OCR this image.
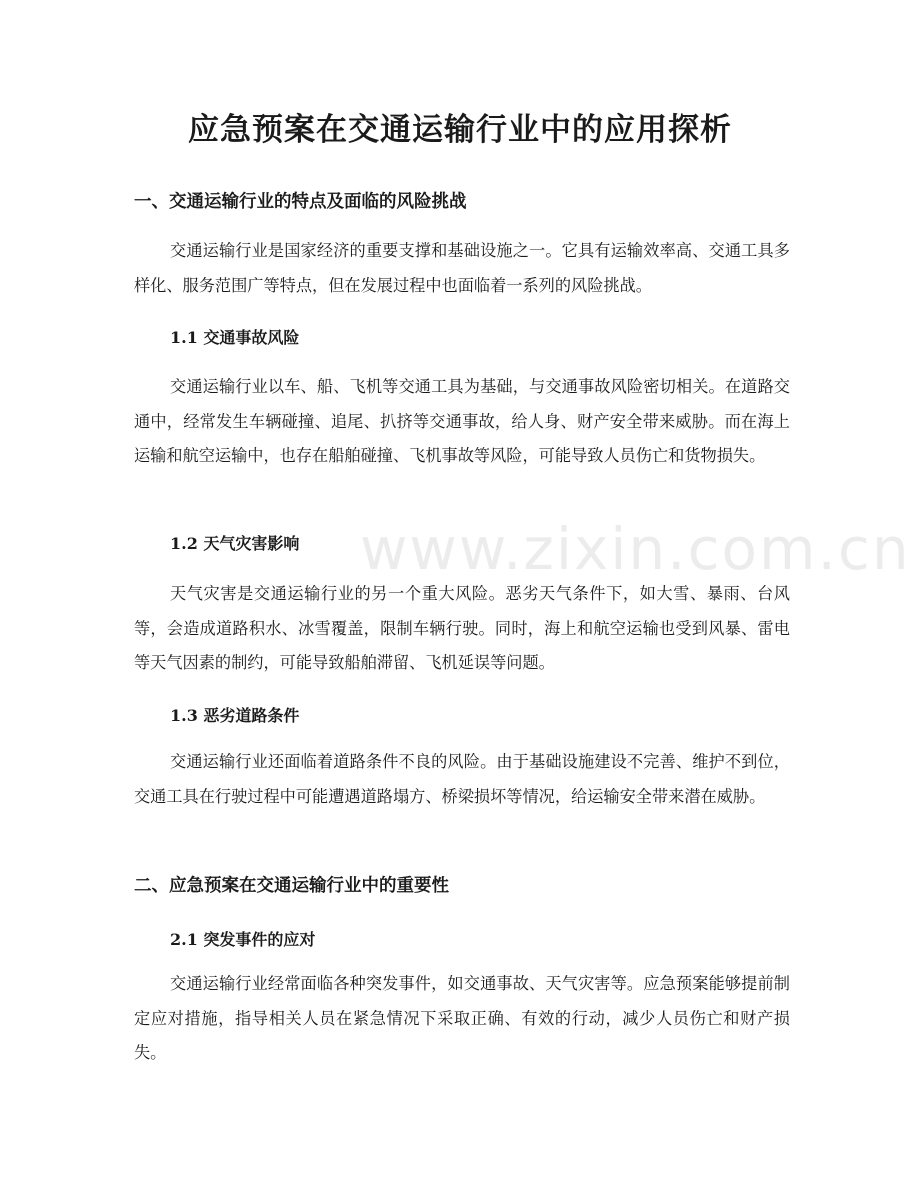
应急预案在交通运输行业中的应用探析
一、交通运输行业的特点及面临的风险挑战

交通运输行业是国家经济的重要支撑和基础设施之一。它具有运输效率高、交通工具多样化、服务范围广等特点，但在发展过程中也面临着一系列的风险挑战。

1.1 交通事故风险

交通运输行业以车、船、飞机等交通工具为基础，与交通事故风险密切相关。在道路交通中，经常发生车辆碰撞、追尾、扒挤等交通事故，给人身、财产安全带来威胁。而在海上运输和航空运输中，也存在船舶碰撞、飞机事故等风险，可能导致人员伤亡和货物损失。

1.2 天气灾害影响

天气灾害是交通运输行业的另一个重大风险。恶劣天气条件下，如大雪、暴雨、台风等，会造成道路积水、冰雪覆盖，限制车辆行驶。同时，海上和航空运输也受到风暴、雷电等天气因素的制约，可能导致船舶滞留、飞机延误等问题。

1.3 恶劣道路条件

交通运输行业还面临着道路条件不良的风险。由于基础设施建设不完善、维护不到位，交通工具在行驶过程中可能遭遇道路塌方、桥梁损坏等情况，给运输安全带来潜在威胁。

二、应急预案在交通运输行业中的重要性
2.1 突发事件的应对

交通运输行业经常面临各种突发事件，如交通事故、天气灾害等。应急预案能够提前制定应对措施，指导相关人员在紧急情况下采取正确、有效的行动，减少人员伤亡和财产损失。

www.zixin.com.cn
